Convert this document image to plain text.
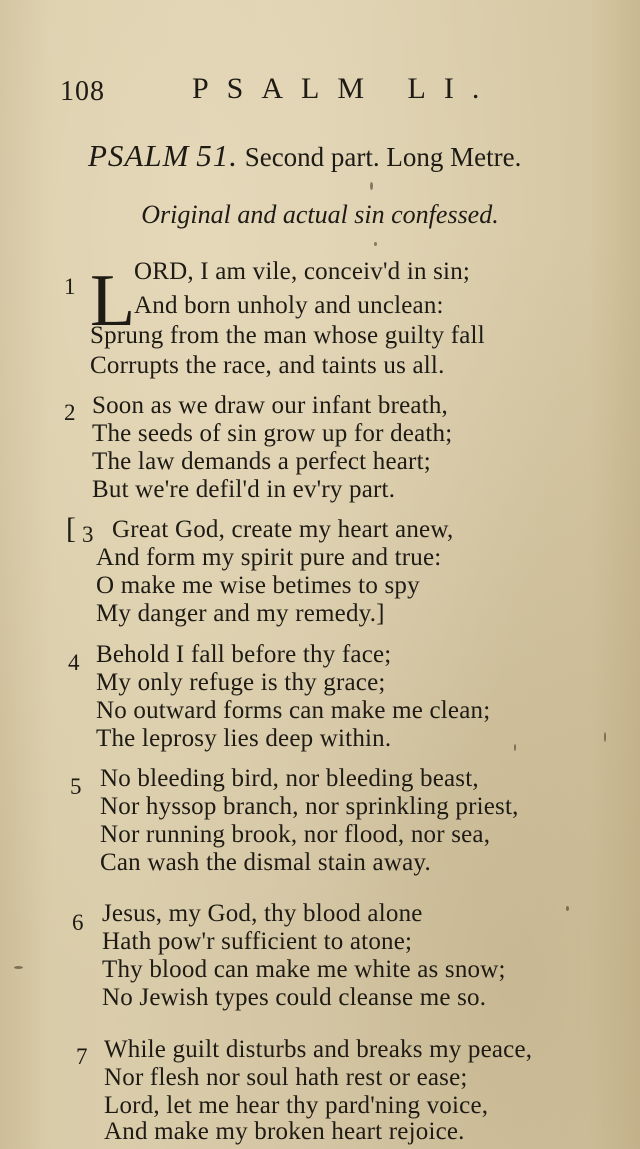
108	PSALM LI.
PSALM 51. Second part. Long Metre.
Original and actual sin confessed.
1 L
ORD, I am vile, conceiv'd in sin;
And born unholy and unclean:
Sprung from the man whose guilty fall
Corrupts the race, and taints us all.
2 Soon as we draw our infant breath,
The seeds of sin grow up for death;
The law demands a perfect heart;
But we're defil'd in ev'ry part.
[ 3 Great God, create my heart anew,
And form my spirit pure and true:
O make me wise betimes to spy
My danger and my remedy.]
4 Behold I fall before thy face;
My only refuge is thy grace;
No outward forms can make me clean;
The leprosy lies deep within.
5 No bleeding bird, nor bleeding beast,
Nor hyssop branch, nor sprinkling priest,
Nor running brook, nor flood, nor sea,
Can wash the dismal stain away.
6 Jesus, my God, thy blood alone
Hath pow'r sufficient to atone;
Thy blood can make me white as snow;
No Jewish types could cleanse me so.
7 While guilt disturbs and breaks my peace,
Nor flesh nor soul hath rest or ease;
Lord, let me hear thy pard'ning voice,
And make my broken heart rejoice.
